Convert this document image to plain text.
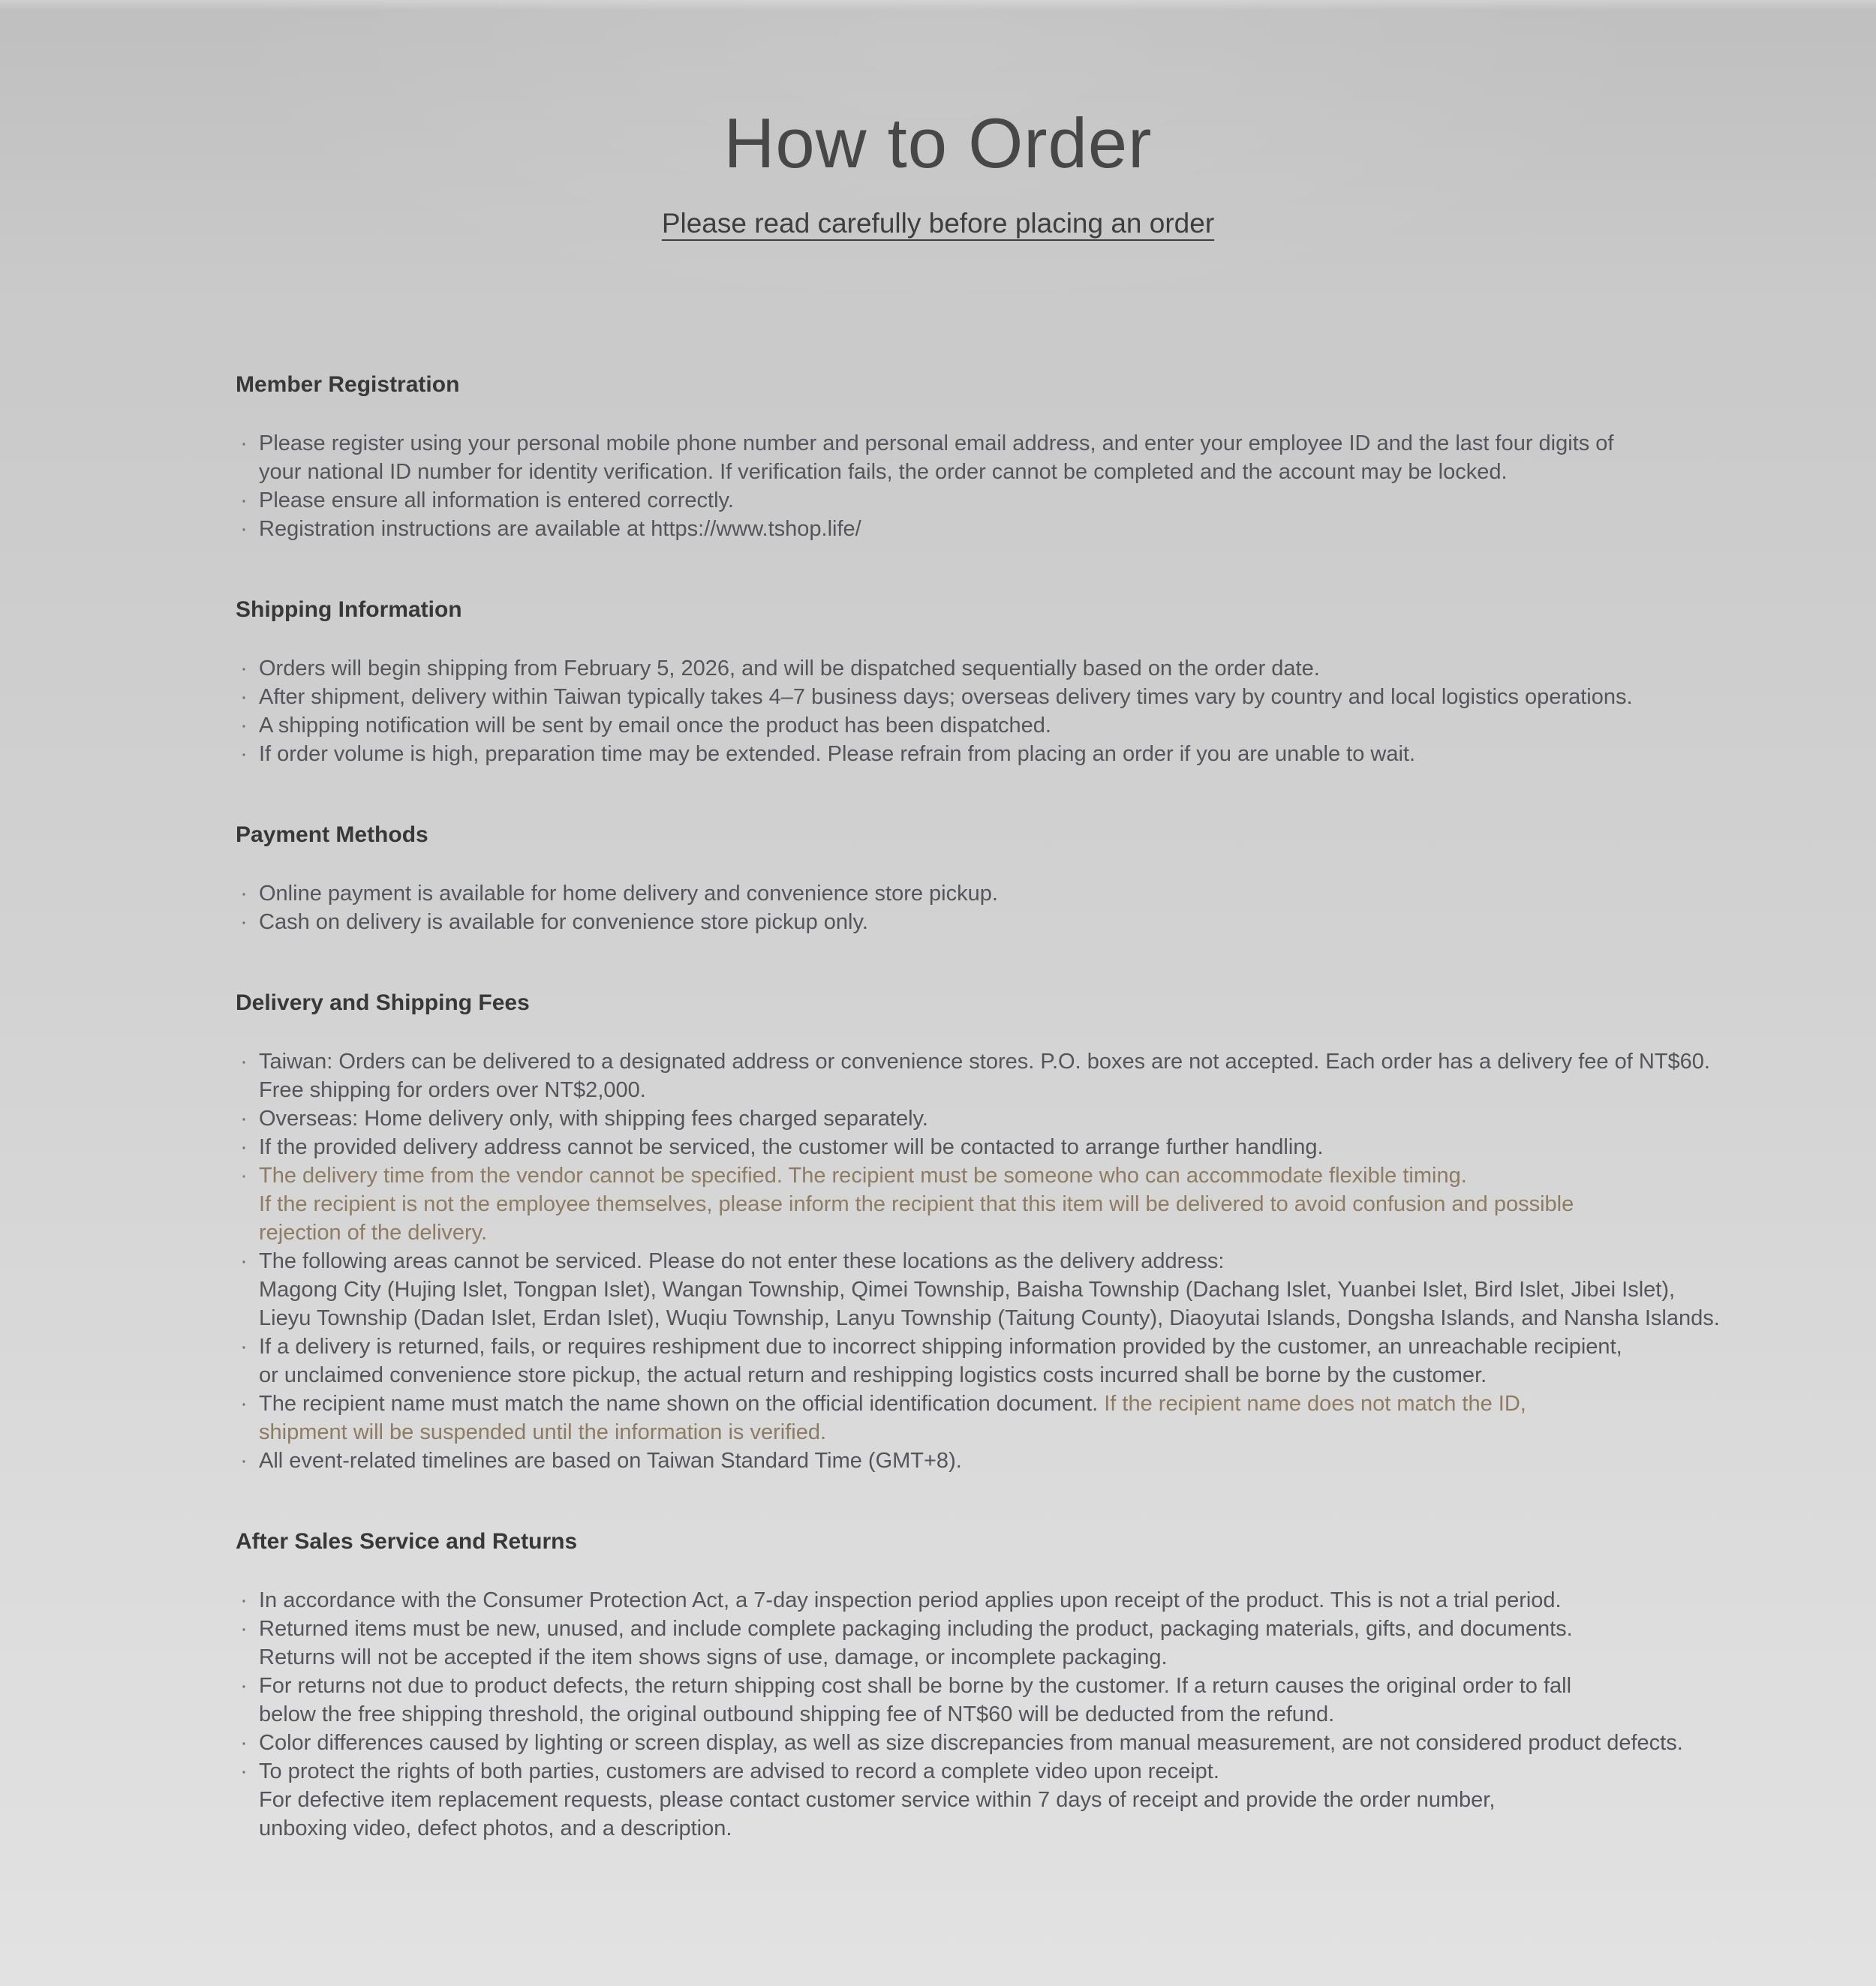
How to Order
Please read carefully before placing an order
Member Registration
· Please register using your personal mobile phone number and personal email address, and enter your employee ID and the last four digits of
your national ID number for identity verification. If verification fails, the order cannot be completed and the account may be locked.
· Please ensure all information is entered correctly.
· Registration instructions are available at https://www.tshop.life/
Shipping Information
· Orders will begin shipping from February 5, 2026, and will be dispatched sequentially based on the order date.
· After shipment, delivery within Taiwan typically takes 4–7 business days; overseas delivery times vary by country and local logistics operations.
· A shipping notification will be sent by email once the product has been dispatched.
· If order volume is high, preparation time may be extended. Please refrain from placing an order if you are unable to wait.
Payment Methods
· Online payment is available for home delivery and convenience store pickup.
· Cash on delivery is available for convenience store pickup only.
Delivery and Shipping Fees
· Taiwan: Orders can be delivered to a designated address or convenience stores. P.O. boxes are not accepted. Each order has a delivery fee of NT$60.
Free shipping for orders over NT$2,000.
· Overseas: Home delivery only, with shipping fees charged separately.
· If the provided delivery address cannot be serviced, the customer will be contacted to arrange further handling.
· The delivery time from the vendor cannot be specified. The recipient must be someone who can accommodate flexible timing.
If the recipient is not the employee themselves, please inform the recipient that this item will be delivered to avoid confusion and possible
rejection of the delivery.
· The following areas cannot be serviced. Please do not enter these locations as the delivery address:
Magong City (Hujing Islet, Tongpan Islet), Wangan Township, Qimei Township, Baisha Township (Dachang Islet, Yuanbei Islet, Bird Islet, Jibei Islet),
Lieyu Township (Dadan Islet, Erdan Islet), Wuqiu Township, Lanyu Township (Taitung County), Diaoyutai Islands, Dongsha Islands, and Nansha Islands.
· If a delivery is returned, fails, or requires reshipment due to incorrect shipping information provided by the customer, an unreachable recipient,
or unclaimed convenience store pickup, the actual return and reshipping logistics costs incurred shall be borne by the customer.
· The recipient name must match the name shown on the official identification document. If the recipient name does not match the ID,
shipment will be suspended until the information is verified.
· All event-related timelines are based on Taiwan Standard Time (GMT+8).
After Sales Service and Returns
· In accordance with the Consumer Protection Act, a 7-day inspection period applies upon receipt of the product. This is not a trial period.
· Returned items must be new, unused, and include complete packaging including the product, packaging materials, gifts, and documents.
Returns will not be accepted if the item shows signs of use, damage, or incomplete packaging.
· For returns not due to product defects, the return shipping cost shall be borne by the customer. If a return causes the original order to fall
below the free shipping threshold, the original outbound shipping fee of NT$60 will be deducted from the refund.
· Color differences caused by lighting or screen display, as well as size discrepancies from manual measurement, are not considered product defects.
· To protect the rights of both parties, customers are advised to record a complete video upon receipt.
For defective item replacement requests, please contact customer service within 7 days of receipt and provide the order number,
unboxing video, defect photos, and a description.
